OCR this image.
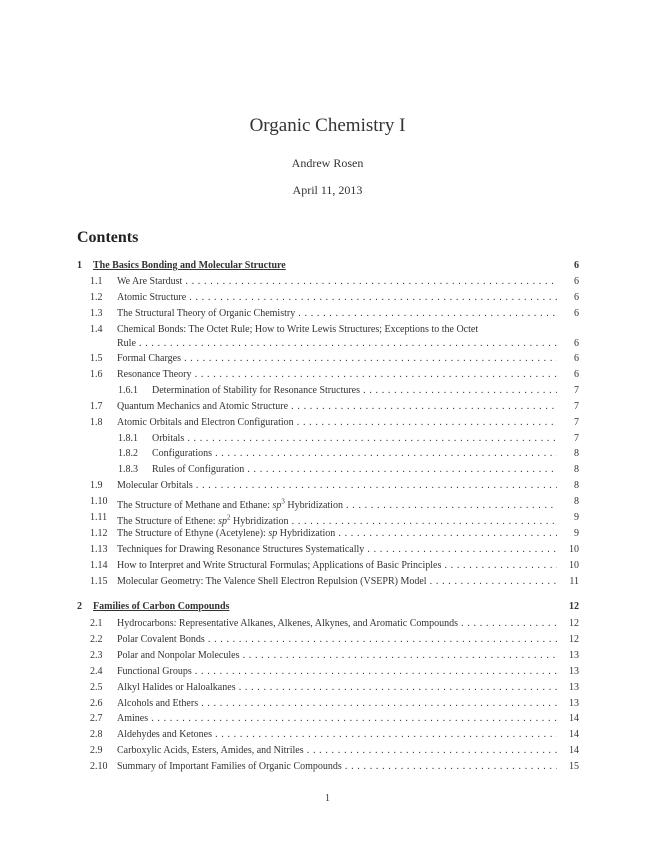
Organic Chemistry I
Andrew Rosen
April 11, 2013
Contents
1 The Basics Bonding and Molecular Structure	6
1.1 We Are Stardust . . .	6
1.2 Atomic Structure . . .	6
1.3 The Structural Theory of Organic Chemistry . . .	6
1.4 Chemical Bonds: The Octet Rule; How to Write Lewis Structures; Exceptions to the Octet
Rule . . .	6
1.5 Formal Charges . . .	6
1.6 Resonance Theory . . .	6
1.6.1 Determination of Stability for Resonance Structures . . .	7
1.7 Quantum Mechanics and Atomic Structure . . .	7
1.8 Atomic Orbitals and Electron Configuration . . .	7
1.8.1 Orbitals . . .	7
1.8.2 Configurations . . .	8
1.8.3 Rules of Configuration . . .	8
1.9 Molecular Orbitals . . .	8
1.10 The Structure of Methane and Ethane: $sp^3$ Hybridization . . .	8
1.11 The Structure of Ethene: $sp^2$ Hybridization . . .	9
1.12 The Structure of Ethyne (Acetylene): sp Hybridization . . .	9
1.13 Techniques for Drawing Resonance Structures Systematically . . .	10
1.14 How to Interpret and Write Structural Formulas; Applications of Basic Principles . . .	10
1.15 Molecular Geometry: The Valence Shell Electron Repulsion (VSEPR) Model . . .	11
2 Families of Carbon Compounds	12
2.1 Hydrocarbons: Representative Alkanes, Alkenes, Alkynes, and Aromatic Compounds . . .	12
2.2 Polar Covalent Bonds . . .	12
2.3 Polar and Nonpolar Molecules . . .	13
2.4 Functional Groups . . .	13
2.5 Alkyl Halides or Haloalkanes . . .	13
2.6 Alcohols and Ethers . . .	13
2.7 Amines . . .	14
2.8 Aldehydes and Ketones . . .	14
2.9 Carboxylic Acids, Esters, Amides, and Nitriles . . .	14
2.10 Summary of Important Families of Organic Compounds . . .	15
1
